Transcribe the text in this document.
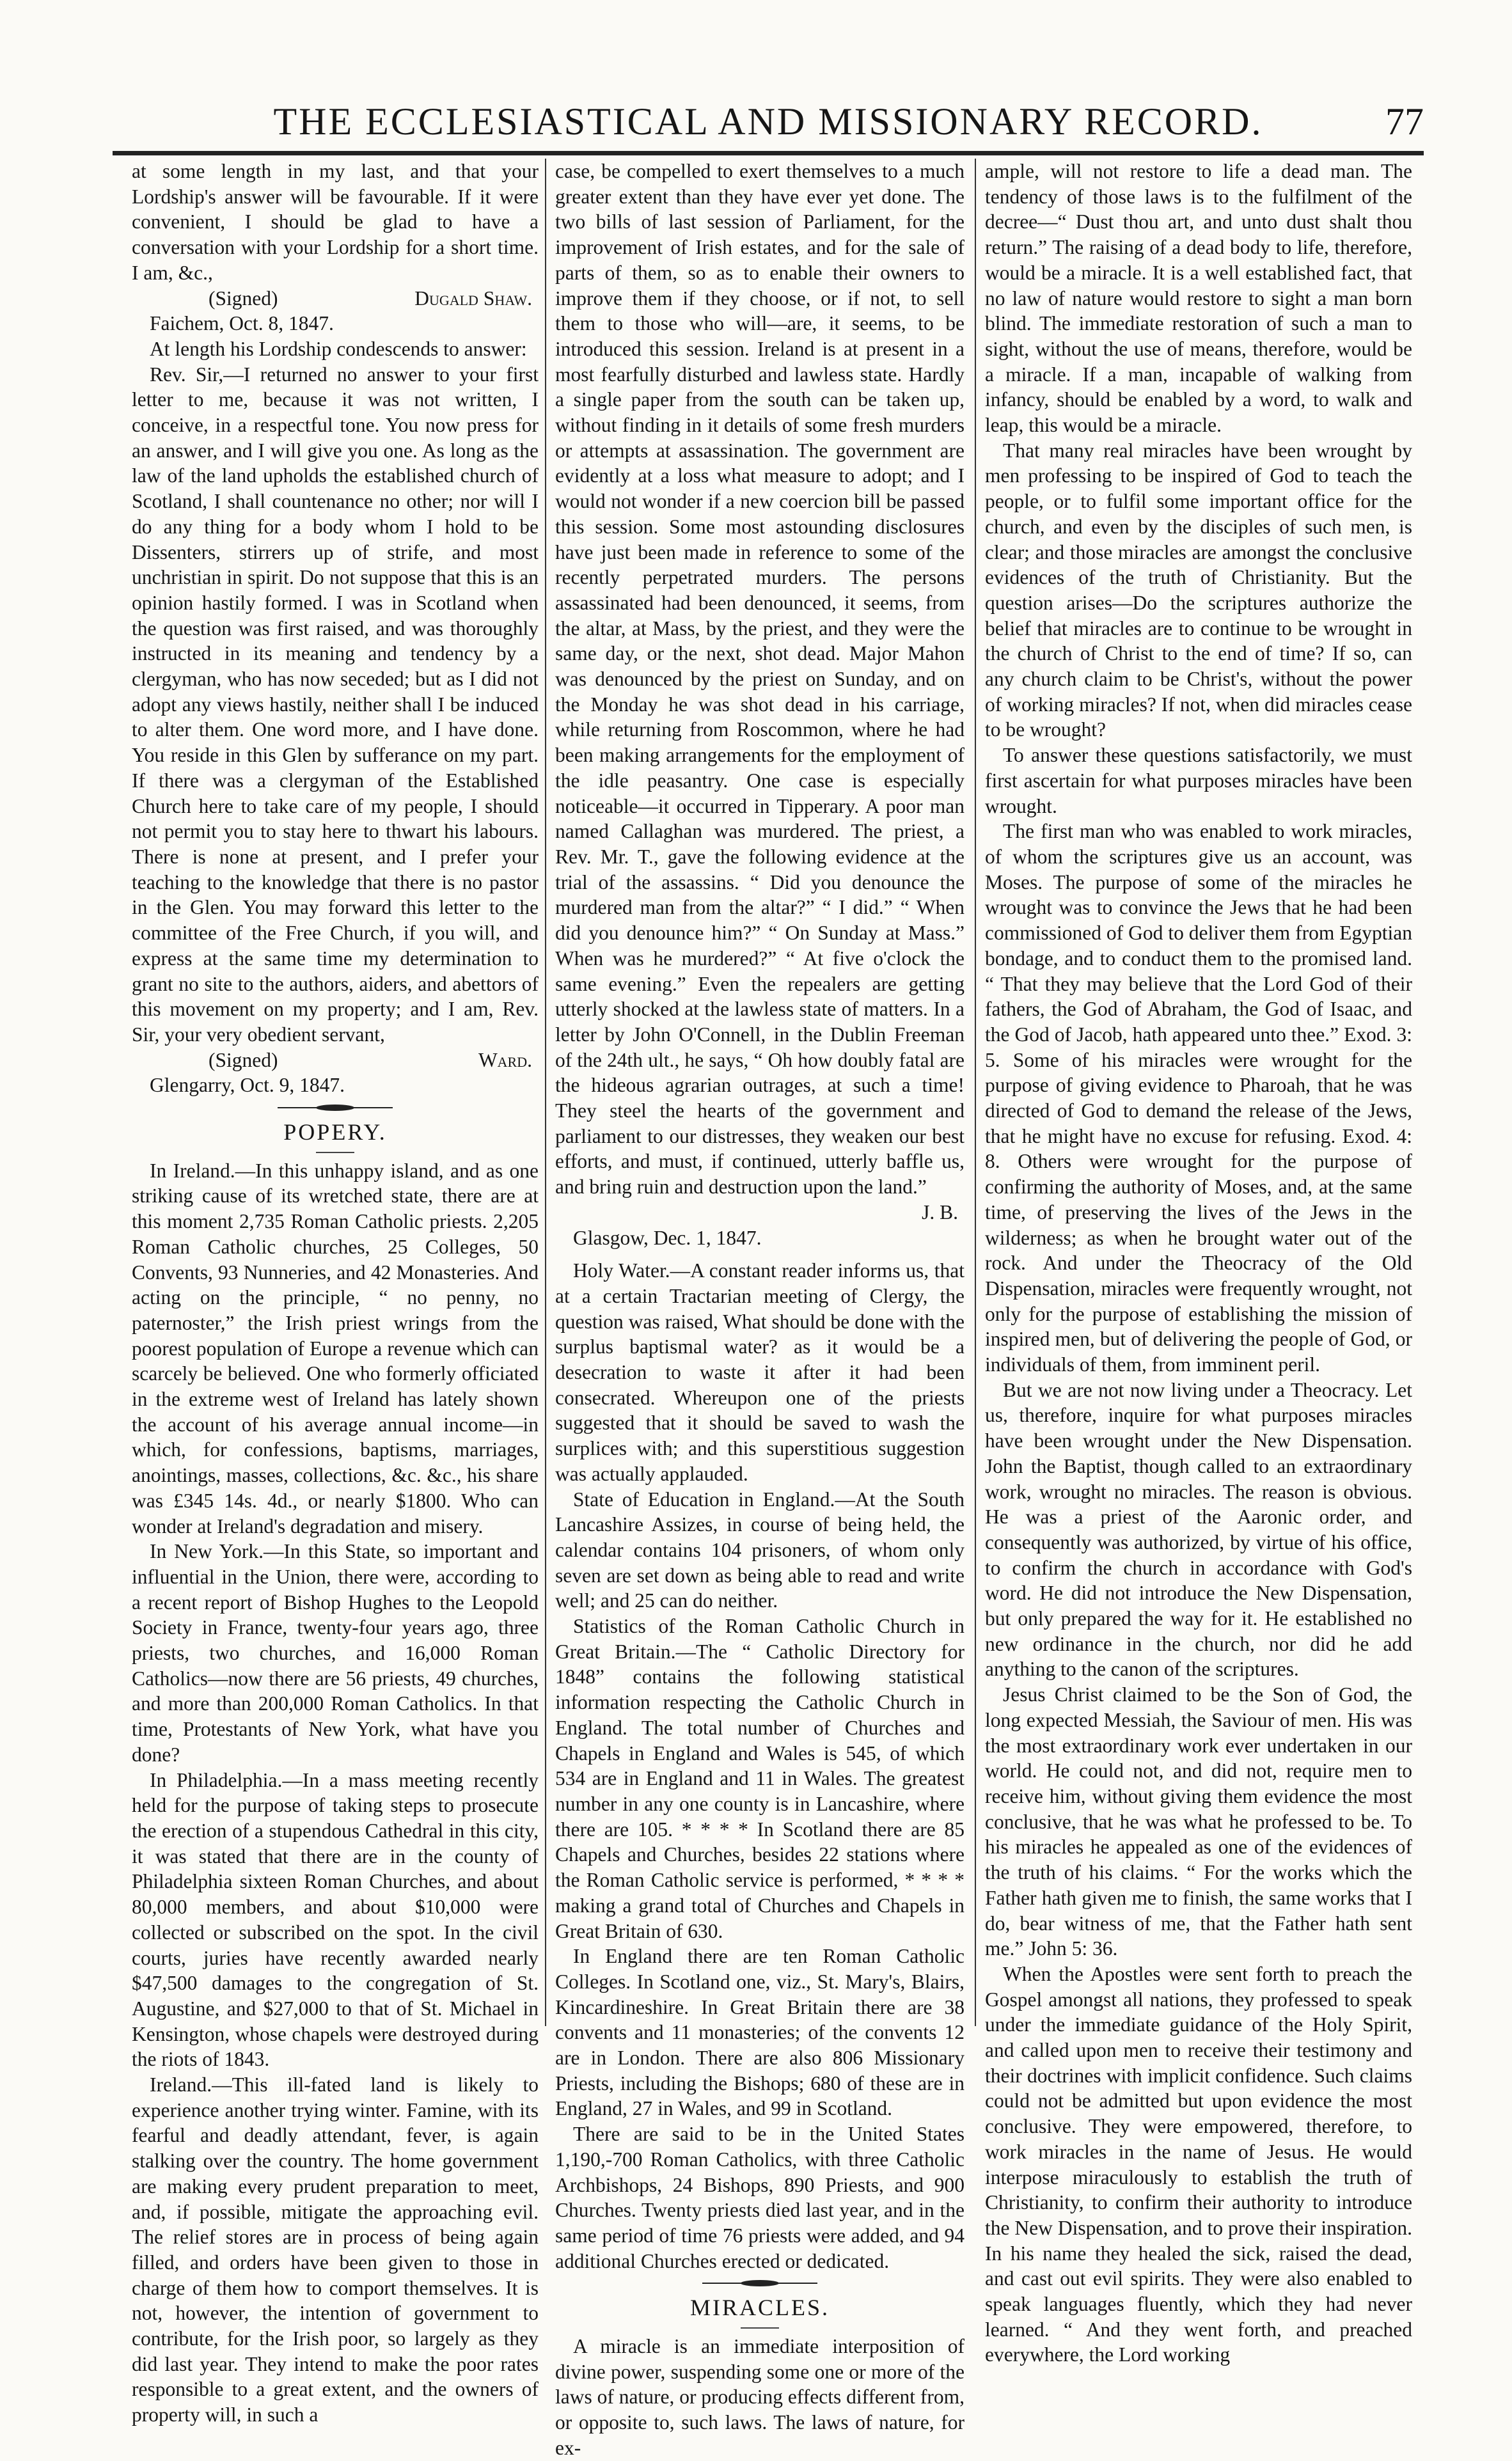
THE ECCLESIASTICAL AND MISSIONARY RECORD.	77

at some length in my last, and that your Lordship's answer will be favourable. If it were convenient, I should be glad to have a conversation with your Lordship for a short time. I am, &c.,

(Signed)	Dugald Shaw.

Faichem, Oct. 8, 1847.

At length his Lordship condescends to answer:

Rev. Sir,—I returned no answer to your first letter to me, because it was not written, I conceive, in a respectful tone. You now press for an answer, and I will give you one. As long as the law of the land upholds the established church of Scotland, I shall countenance no other; nor will I do any thing for a body whom I hold to be Dissenters, stirrers up of strife, and most unchristian in spirit. Do not suppose that this is an opinion hastily formed. I was in Scotland when the question was first raised, and was thoroughly instructed in its meaning and tendency by a clergyman, who has now seceded; but as I did not adopt any views hastily, neither shall I be induced to alter them. One word more, and I have done. You reside in this Glen by sufferance on my part. If there was a clergyman of the Established Church here to take care of my people, I should not permit you to stay here to thwart his labours. There is none at present, and I prefer your teaching to the knowledge that there is no pastor in the Glen. You may forward this letter to the committee of the Free Church, if you will, and express at the same time my determination to grant no site to the authors, aiders, and abettors of this movement on my property; and I am, Rev. Sir, your very obedient servant,

(Signed)	Ward.

Glengarry, Oct. 9, 1847.

POPERY.

In Ireland.—In this unhappy island, and as one striking cause of its wretched state, there are at this moment 2,735 Roman Catholic priests. 2,205 Roman Catholic churches, 25 Colleges, 50 Convents, 93 Nunneries, and 42 Monasteries. And acting on the principle, “ no penny, no paternoster,” the Irish priest wrings from the poorest population of Europe a revenue which can scarcely be believed. One who formerly officiated in the extreme west of Ireland has lately shown the account of his average annual income—in which, for confessions, baptisms, marriages, anointings, masses, collections, &c. &c., his share was £345 14s. 4d., or nearly $1800. Who can wonder at Ireland's degradation and misery.

In New York.—In this State, so important and influential in the Union, there were, according to a recent report of Bishop Hughes to the Leopold Society in France, twenty-four years ago, three priests, two churches, and 16,000 Roman Catholics—now there are 56 priests, 49 churches, and more than 200,000 Roman Catholics. In that time, Protestants of New York, what have you done?

In Philadelphia.—In a mass meeting recently held for the purpose of taking steps to prosecute the erection of a stupendous Cathedral in this city, it was stated that there are in the county of Philadelphia sixteen Roman Churches, and about 80,000 members, and about $10,000 were collected or subscribed on the spot. In the civil courts, juries have recently awarded nearly $47,500 damages to the congregation of St. Augustine, and $27,000 to that of St. Michael in Kensington, whose chapels were destroyed during the riots of 1843.

Ireland.—This ill-fated land is likely to experience another trying winter. Famine, with its fearful and deadly attendant, fever, is again stalking over the country. The home government are making every prudent preparation to meet, and, if possible, mitigate the approaching evil. The relief stores are in process of being again filled, and orders have been given to those in charge of them how to comport themselves. It is not, however, the intention of government to contribute, for the Irish poor, so largely as they did last year. They intend to make the poor rates responsible to a great extent, and the owners of property will, in such a

case, be compelled to exert themselves to a much greater extent than they have ever yet done. The two bills of last session of Parliament, for the improvement of Irish estates, and for the sale of parts of them, so as to enable their owners to improve them if they choose, or if not, to sell them to those who will—are, it seems, to be introduced this session. Ireland is at present in a most fearfully disturbed and lawless state. Hardly a single paper from the south can be taken up, without finding in it details of some fresh murders or attempts at assassination. The government are evidently at a loss what measure to adopt; and I would not wonder if a new coercion bill be passed this session. Some most astounding disclosures have just been made in reference to some of the recently perpetrated murders. The persons assassinated had been denounced, it seems, from the altar, at Mass, by the priest, and they were the same day, or the next, shot dead. Major Mahon was denounced by the priest on Sunday, and on the Monday he was shot dead in his carriage, while returning from Roscommon, where he had been making arrangements for the employment of the idle peasantry. One case is especially noticeable—it occurred in Tipperary. A poor man named Callaghan was murdered. The priest, a Rev. Mr. T., gave the following evidence at the trial of the assassins. “ Did you denounce the murdered man from the altar?” “ I did.” “ When did you denounce him?” “ On Sunday at Mass.” When was he murdered?” “ At five o'clock the same evening.” Even the repealers are getting utterly shocked at the lawless state of matters. In a letter by John O'Connell, in the Dublin Freeman of the 24th ult., he says, “ Oh how doubly fatal are the hideous agrarian outrages, at such a time! They steel the hearts of the government and parliament to our distresses, they weaken our best efforts, and must, if continued, utterly baffle us, and bring ruin and destruction upon the land.”

J. B.

Glasgow, Dec. 1, 1847.

Holy Water.—A constant reader informs us, that at a certain Tractarian meeting of Clergy, the question was raised, What should be done with the surplus baptismal water? as it would be a desecration to waste it after it had been consecrated. Whereupon one of the priests suggested that it should be saved to wash the surplices with; and this superstitious suggestion was actually applauded.

State of Education in England.—At the South Lancashire Assizes, in course of being held, the calendar contains 104 prisoners, of whom only seven are set down as being able to read and write well; and 25 can do neither.

Statistics of the Roman Catholic Church in Great Britain.—The “ Catholic Directory for 1848” contains the following statistical information respecting the Catholic Church in England. The total number of Churches and Chapels in England and Wales is 545, of which 534 are in England and 11 in Wales. The greatest number in any one county is in Lancashire, where there are 105. * * * * In Scotland there are 85 Chapels and Churches, besides 22 stations where the Roman Catholic service is performed, * * * * making a grand total of Churches and Chapels in Great Britain of 630.

In England there are ten Roman Catholic Colleges. In Scotland one, viz., St. Mary's, Blairs, Kincardineshire. In Great Britain there are 38 convents and 11 monasteries; of the convents 12 are in London. There are also 806 Missionary Priests, including the Bishops; 680 of these are in England, 27 in Wales, and 99 in Scotland.

There are said to be in the United States 1,190,-700 Roman Catholics, with three Catholic Archbishops, 24 Bishops, 890 Priests, and 900 Churches. Twenty priests died last year, and in the same period of time 76 priests were added, and 94 additional Churches erected or dedicated.

MIRACLES.

A miracle is an immediate interposition of divine power, suspending some one or more of the laws of nature, or producing effects different from, or opposite to, such laws. The laws of nature, for ex-

ample, will not restore to life a dead man. The tendency of those laws is to the fulfilment of the decree—“ Dust thou art, and unto dust shalt thou return.” The raising of a dead body to life, therefore, would be a miracle. It is a well established fact, that no law of nature would restore to sight a man born blind. The immediate restoration of such a man to sight, without the use of means, therefore, would be a miracle. If a man, incapable of walking from infancy, should be enabled by a word, to walk and leap, this would be a miracle.

That many real miracles have been wrought by men professing to be inspired of God to teach the people, or to fulfil some important office for the church, and even by the disciples of such men, is clear; and those miracles are amongst the conclusive evidences of the truth of Christianity. But the question arises—Do the scriptures authorize the belief that miracles are to continue to be wrought in the church of Christ to the end of time? If so, can any church claim to be Christ's, without the power of working miracles? If not, when did miracles cease to be wrought?

To answer these questions satisfactorily, we must first ascertain for what purposes miracles have been wrought.

The first man who was enabled to work miracles, of whom the scriptures give us an account, was Moses. The purpose of some of the miracles he wrought was to convince the Jews that he had been commissioned of God to deliver them from Egyptian bondage, and to conduct them to the promised land. “ That they may believe that the Lord God of their fathers, the God of Abraham, the God of Isaac, and the God of Jacob, hath appeared unto thee.” Exod. 3: 5. Some of his miracles were wrought for the purpose of giving evidence to Pharoah, that he was directed of God to demand the release of the Jews, that he might have no excuse for refusing. Exod. 4: 8. Others were wrought for the purpose of confirming the authority of Moses, and, at the same time, of preserving the lives of the Jews in the wilderness; as when he brought water out of the rock. And under the Theocracy of the Old Dispensation, miracles were frequently wrought, not only for the purpose of establishing the mission of inspired men, but of delivering the people of God, or individuals of them, from imminent peril.

But we are not now living under a Theocracy. Let us, therefore, inquire for what purposes miracles have been wrought under the New Dispensation. John the Baptist, though called to an extraordinary work, wrought no miracles. The reason is obvious. He was a priest of the Aaronic order, and consequently was authorized, by virtue of his office, to confirm the church in accordance with God's word. He did not introduce the New Dispensation, but only prepared the way for it. He established no new ordinance in the church, nor did he add anything to the canon of the scriptures.

Jesus Christ claimed to be the Son of God, the long expected Messiah, the Saviour of men. His was the most extraordinary work ever undertaken in our world. He could not, and did not, require men to receive him, without giving them evidence the most conclusive, that he was what he professed to be. To his miracles he appealed as one of the evidences of the truth of his claims. “ For the works which the Father hath given me to finish, the same works that I do, bear witness of me, that the Father hath sent me.” John 5: 36.

When the Apostles were sent forth to preach the Gospel amongst all nations, they professed to speak under the immediate guidance of the Holy Spirit, and called upon men to receive their testimony and their doctrines with implicit confidence. Such claims could not be admitted but upon evidence the most conclusive. They were empowered, therefore, to work miracles in the name of Jesus. He would interpose miraculously to establish the truth of Christianity, to confirm their authority to introduce the New Dispensation, and to prove their inspiration. In his name they healed the sick, raised the dead, and cast out evil spirits. They were also enabled to speak languages fluently, which they had never learned. “ And they went forth, and preached everywhere, the Lord working
